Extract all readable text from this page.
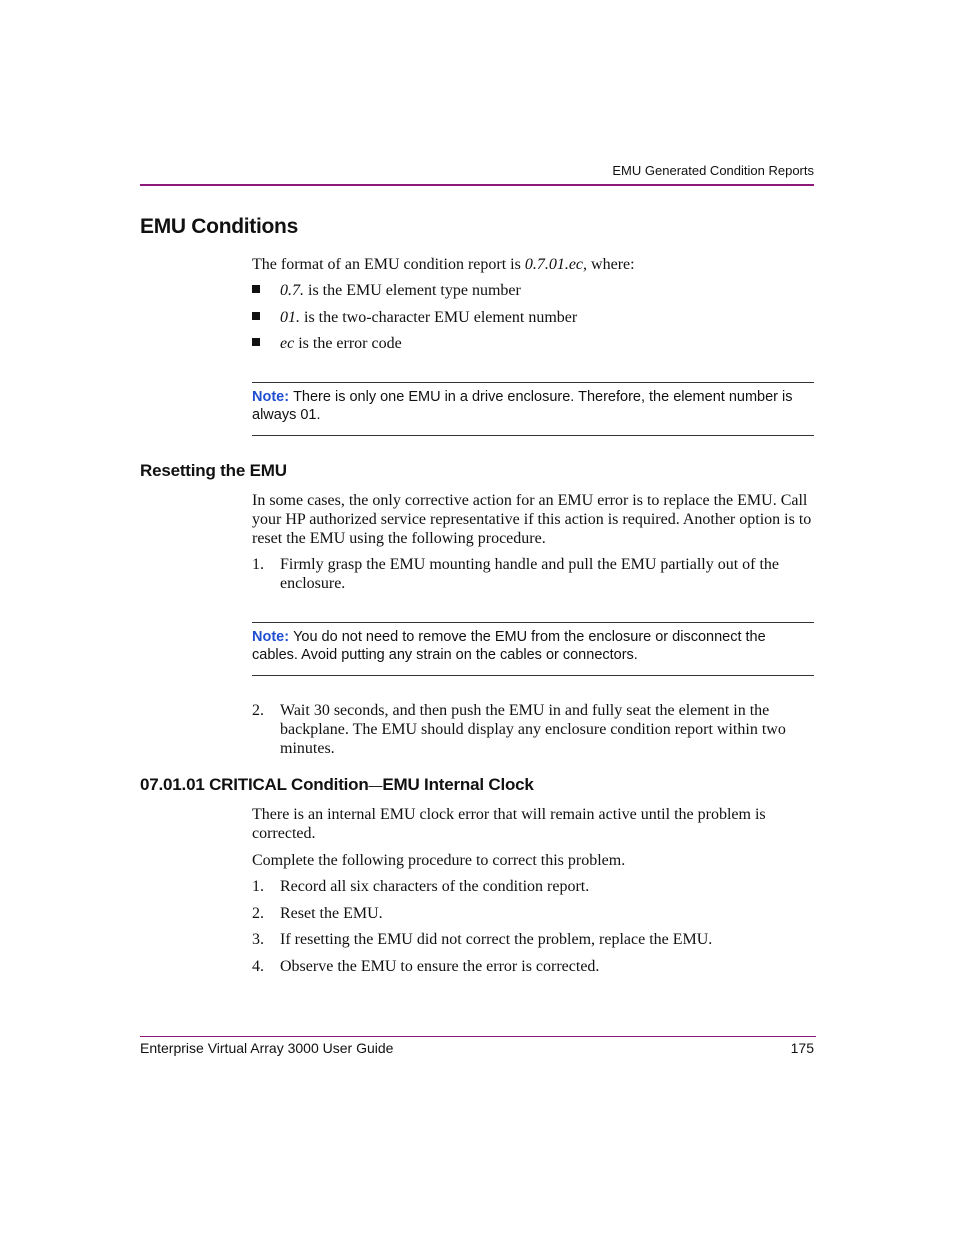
EMU Generated Condition Reports
EMU Conditions
The format of an EMU condition report is 0.7.01.ec, where:
0.7. is the EMU element type number
01. is the two-character EMU element number
ec is the error code
Note: There is only one EMU in a drive enclosure. Therefore, the element number is always 01.
Resetting the EMU
In some cases, the only corrective action for an EMU error is to replace the EMU. Call your HP authorized service representative if this action is required. Another option is to reset the EMU using the following procedure.
1. Firmly grasp the EMU mounting handle and pull the EMU partially out of the enclosure.
Note: You do not need to remove the EMU from the enclosure or disconnect the cables. Avoid putting any strain on the cables or connectors.
2. Wait 30 seconds, and then push the EMU in and fully seat the element in the backplane. The EMU should display any enclosure condition report within two minutes.
07.01.01 CRITICAL Condition—EMU Internal Clock
There is an internal EMU clock error that will remain active until the problem is corrected.
Complete the following procedure to correct this problem.
1. Record all six characters of the condition report.
2. Reset the EMU.
3. If resetting the EMU did not correct the problem, replace the EMU.
4. Observe the EMU to ensure the error is corrected.
Enterprise Virtual Array 3000 User Guide	175
